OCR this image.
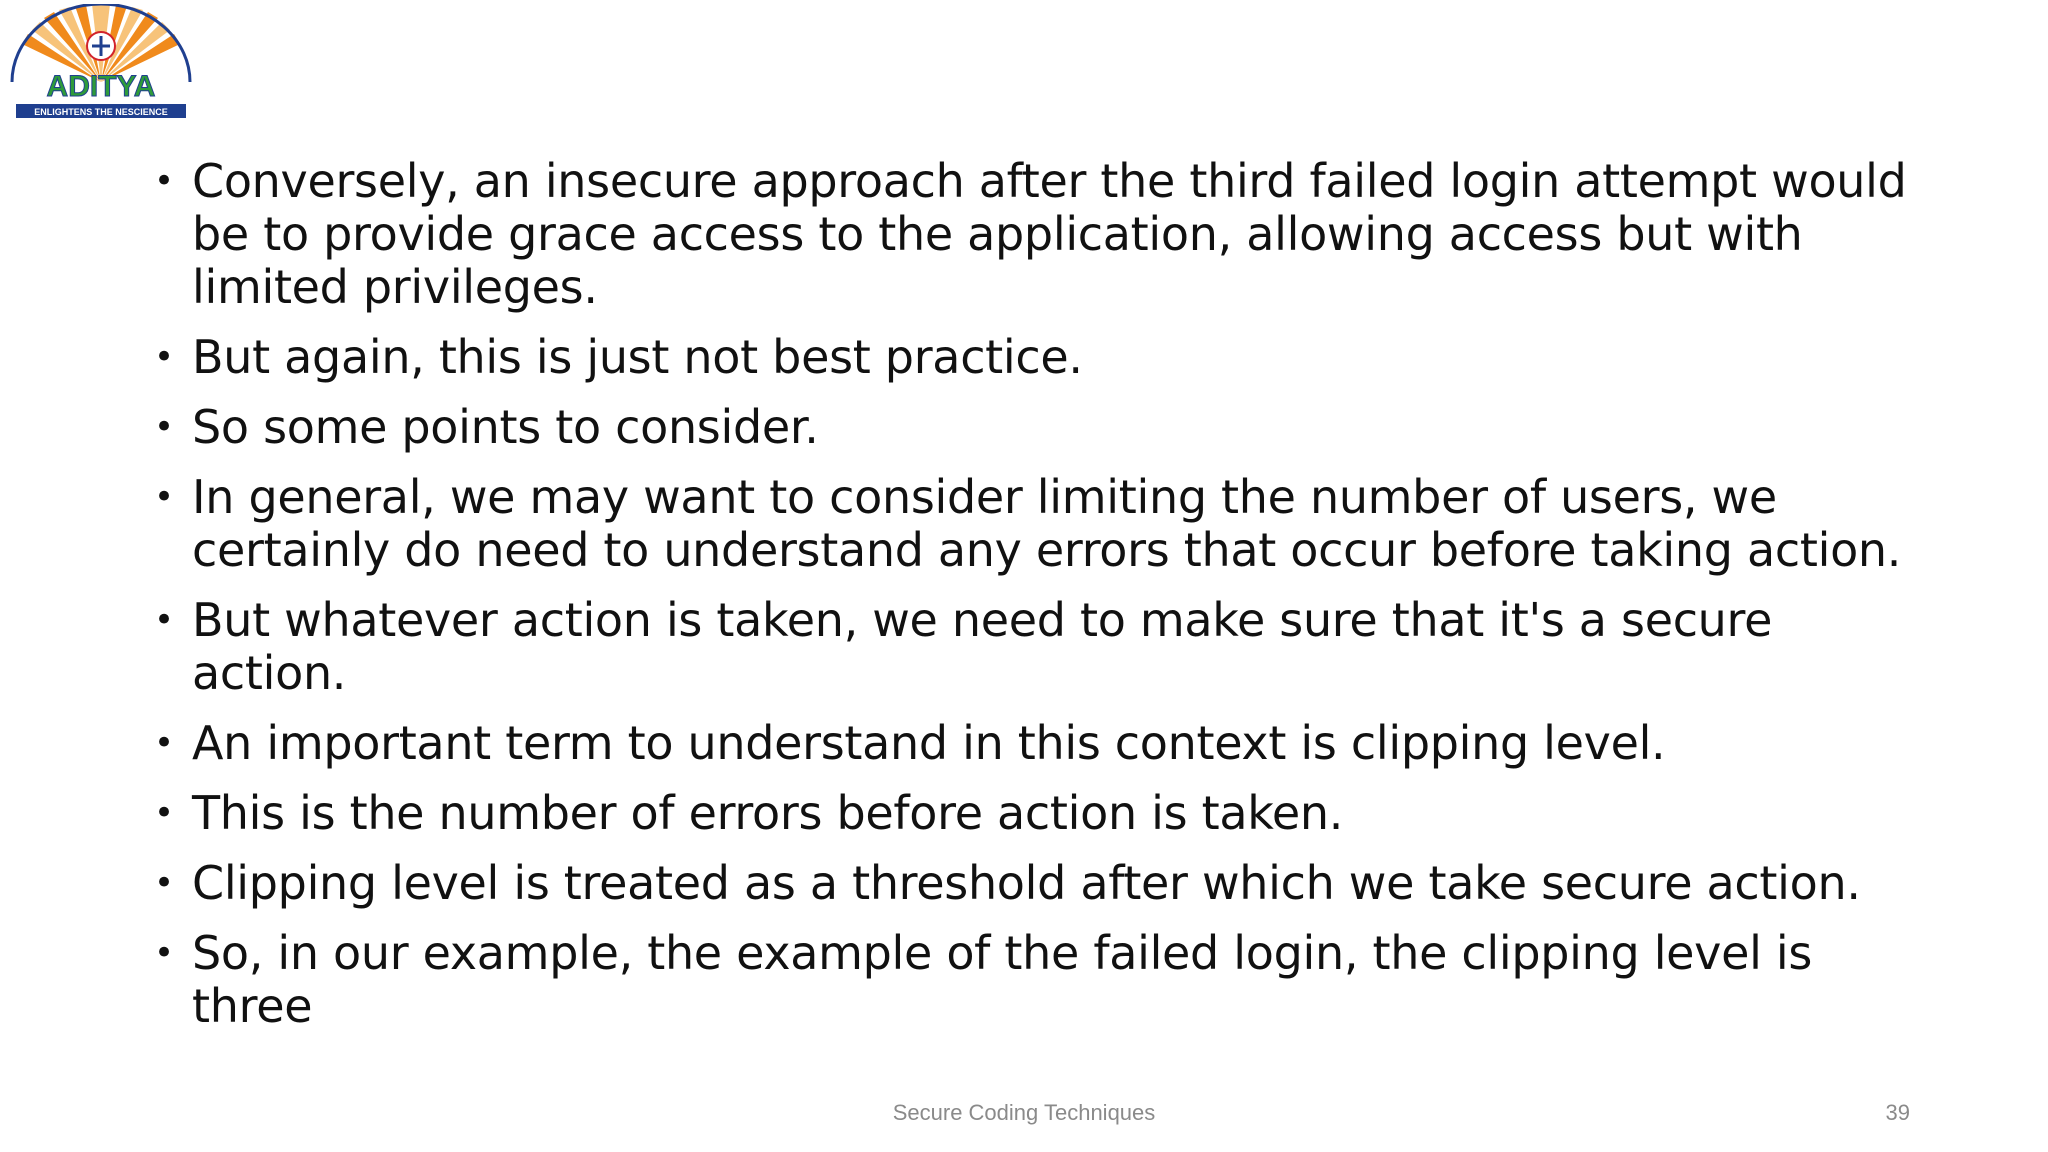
ADITYA
ENLIGHTENS THE NESCIENCE
• Conversely, an insecure approach after the third failed login attempt would be to provide grace access to the application, allowing access but with limited privileges.
• But again, this is just not best practice.
• So some points to consider.
• In general, we may want to consider limiting the number of users, we certainly do need to understand any errors that occur before taking action.
• But whatever action is taken, we need to make sure that it's a secure action.
• An important term to understand in this context is clipping level.
• This is the number of errors before action is taken.
• Clipping level is treated as a threshold after which we take secure action.
• So, in our example, the example of the failed login, the clipping level is three
Secure Coding Techniques	39
